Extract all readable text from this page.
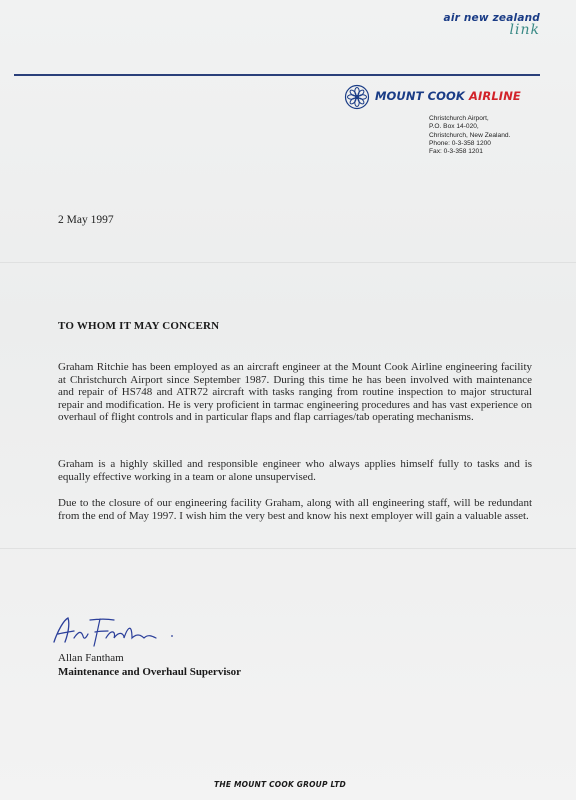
air new zealand
link
MOUNT COOK AIRLINE
Christchurch Airport,
P.O. Box 14-020,
Christchurch, New Zealand.
Phone: 0-3-358 1200
Fax: 0-3-358 1201
2 May 1997
TO WHOM IT MAY CONCERN

Graham Ritchie has been employed as an aircraft engineer at the Mount Cook Airline engineering facility at Christchurch Airport since September 1987. During this time he has been involved with maintenance and repair of HS748 and ATR72 aircraft with tasks ranging from routine inspection to major structural repair and modification. He is very proficient in tarmac engineering procedures and has vast experience on overhaul of flight controls and in particular flaps and flap carriages/tab operating mechanisms.

Graham is a highly skilled and responsible engineer who always applies himself fully to tasks and is equally effective working in a team or alone unsupervised.

Due to the closure of our engineering facility Graham, along with all engineering staff, will be redundant from the end of May 1997. I wish him the very best and know his next employer will gain a valuable asset.

Allan Fantham
Maintenance and Overhaul Supervisor
THE MOUNT COOK GROUP LTD
